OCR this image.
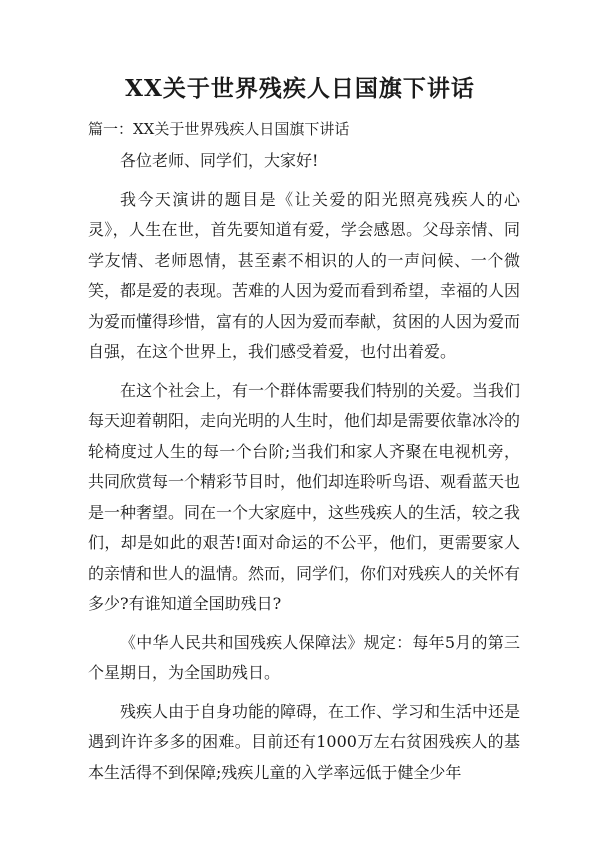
XX关于世界残疾人日国旗下讲话
篇一：XX关于世界残疾人日国旗下讲话

各位老师、同学们，大家好!

我今天演讲的题目是《让关爱的阳光照亮残疾人的心灵》，人生在世，首先要知道有爱，学会感恩。父母亲情、同学友情、老师恩情，甚至素不相识的人的一声问候、一个微笑，都是爱的表现。苦难的人因为爱而看到希望，幸福的人因为爱而懂得珍惜，富有的人因为爱而奉献，贫困的人因为爱而自强，在这个世界上，我们感受着爱，也付出着爱。

在这个社会上，有一个群体需要我们特别的关爱。当我们每天迎着朝阳，走向光明的人生时，他们却是需要依靠冰冷的轮椅度过人生的每一个台阶;当我们和家人齐聚在电视机旁，共同欣赏每一个精彩节目时，他们却连聆听鸟语、观看蓝天也是一种奢望。同在一个大家庭中，这些残疾人的生活，较之我们，却是如此的艰苦!面对命运的不公平，他们，更需要家人的亲情和世人的温情。然而，同学们，你们对残疾人的关怀有多少?有谁知道全国助残日?

《中华人民共和国残疾人保障法》规定：每年5月的第三个星期日，为全国助残日。

残疾人由于自身功能的障碍，在工作、学习和生活中还是遇到许许多多的困难。目前还有1000万左右贫困残疾人的基本生活得不到保障;残疾儿童的入学率远低于健全少年
